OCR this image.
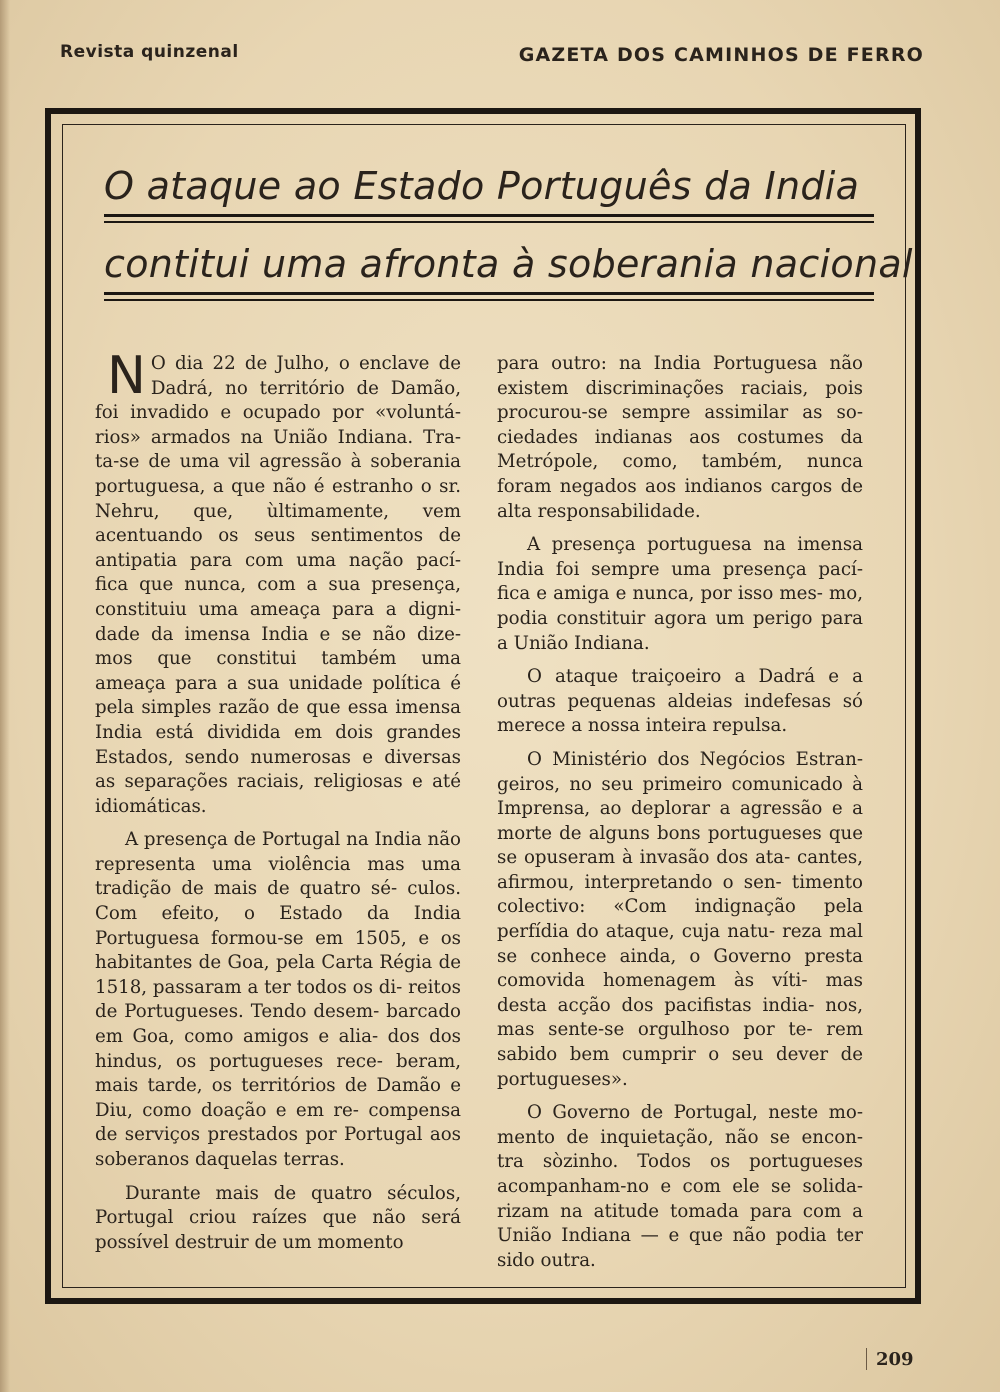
Revista quinzenal	GAZETA DOS CAMINHOS DE FERRO
O ataque ao Estado Português da India
contitui uma afronta à soberania nacional

N O dia 22 de Julho, o enclave de Dadrá, no território de Damão, foi invadido e ocupado por «voluntá- rios» armados na União Indiana. Tra- ta-se de uma vil agressão à soberania portuguesa, a que não é estranho o sr. Nehru, que, ùltimamente, vem acentuando os seus sentimentos de antipatia para com uma nação pací- fica que nunca, com a sua presença, constituiu uma ameaça para a digni- dade da imensa India e se não dize- mos que constitui também uma ameaça para a sua unidade política é pela simples razão de que essa imensa India está dividida em dois grandes Estados, sendo numerosas e diversas as separações raciais, religiosas e até idiomáticas.

A presença de Portugal na India não representa uma violência mas uma tradição de mais de quatro sé- culos. Com efeito, o Estado da India Portuguesa formou-se em 1505, e os habitantes de Goa, pela Carta Régia de 1518, passaram a ter todos os di- reitos de Portugueses. Tendo desem- barcado em Goa, como amigos e alia- dos dos hindus, os portugueses rece- beram, mais tarde, os territórios de Damão e Diu, como doação e em re- compensa de serviços prestados por Portugal aos soberanos daquelas terras.

Durante mais de quatro séculos, Portugal criou raízes que não será possível destruir de um momento

para outro: na India Portuguesa não existem discriminações raciais, pois procurou-se sempre assimilar as so- ciedades indianas aos costumes da Metrópole, como, também, nunca foram negados aos indianos cargos de alta responsabilidade.

A presença portuguesa na imensa India foi sempre uma presença pací- fica e amiga e nunca, por isso mes- mo, podia constituir agora um perigo para a União Indiana.

O ataque traiçoeiro a Dadrá e a outras pequenas aldeias indefesas só merece a nossa inteira repulsa.

O Ministério dos Negócios Estran- geiros, no seu primeiro comunicado à Imprensa, ao deplorar a agressão e a morte de alguns bons portugueses que se opuseram à invasão dos ata- cantes, afirmou, interpretando o sen- timento colectivo: «Com indignação pela perfídia do ataque, cuja natu- reza mal se conhece ainda, o Governo presta comovida homenagem às víti- mas desta acção dos pacifistas india- nos, mas sente-se orgulhoso por te- rem sabido bem cumprir o seu dever de portugueses».

O Governo de Portugal, neste mo- mento de inquietação, não se encon- tra sòzinho. Todos os portugueses acompanham-no e com ele se solida- rizam na atitude tomada para com a União Indiana — e que não podia ter sido outra.

209
